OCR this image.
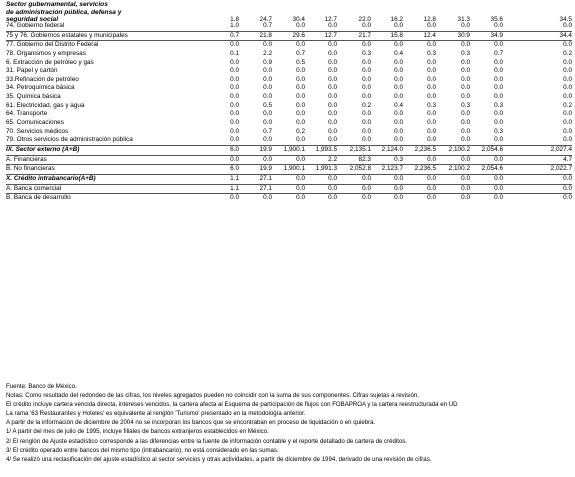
Sector gubernamental, servicios
de administración pública, defensa y
seguridad social	1.8	24.7	30.4	12.7	22.0	16.2	12.8	31.3	35.6	34.5
74. Gobierno federal	1.0	0.7	0.0	0.0	0.0	0.0	0.0	0.0	0.0	0.0
75 y 76. Gobiernos estatales y municipales	0.7	21.8	29.6	12.7	21.7	15.8	12.4	30.9	34.9	34.4
77. Gobierno del Distrito Federal	0.0	0.0	0.0	0.0	0.0	0.0	0.0	0.0	0.0	0.0
78. Organismos y empresas	0.1	2.2	0.7	0.0	0.3	0.4	0.3	0.3	0.7	0.2
6. Extracción de petróleo y gas	0.0	0.9	0.5	0.0	0.0	0.0	0.0	0.0	0.0	0.0
31. Papel y cartón	0.0	0.0	0.0	0.0	0.0	0.0	0.0	0.0	0.0	0.0
33.Refinación de petróleo	0.0	0.0	0.0	0.0	0.0	0.0	0.0	0.0	0.0	0.0
34. Petroquímica básica	0.0	0.0	0.0	0.0	0.0	0.0	0.0	0.0	0.0	0.0
35. Química básica	0.0	0.0	0.0	0.0	0.0	0.0	0.0	0.0	0.0	0.0
61. Electricidad, gas y agua	0.0	0.5	0.0	0.0	0.2	0.4	0.3	0.3	0.3	0.2
64. Transporte	0.0	0.0	0.0	0.0	0.0	0.0	0.0	0.0	0.0	0.0
65. Comunicaciones	0.0	0.0	0.0	0.0	0.0	0.0	0.0	0.0	0.0	0.0
70. Servicios médicos	0.0	0.7	0.2	0.0	0.0	0.0	0.0	0.0	0.3	0.0
79. Otros servicios de administración pública	0.0	0.0	0.0	0.0	0.0	0.0	0.0	0.0	0.0	0.0
IX. Sector externo (A+B)	6.0	19.9	1,900.1	1,993.5	2,135.1	2,124.0	2,236.5	2,100.2	2,054.6	2,027.4
A. Financieras	0.0	0.0	0.0	2.2	82.3	0.3	0.0	0.0	0.0	4.7
B. No financieras	6.0	19.9	1,900.1	1,991.3	2,052.8	2,123.7	2,236.5	2,100.2	2,054.6	2,022.7
X. Crédito intrabancario(A+B)	1.1	27.1	0.0	0.0	0.0	0.0	0.0	0.0	0.0	0.0
A. Banca comercial	1.1	27.1	0.0	0.0	0.0	0.0	0.0	0.0	0.0	0.0
B. Banca de desarrollo	0.0	0.0	0.0	0.0	0.0	0.0	0.0	0.0	0.0	0.0
Fuente: Banco de México.
Notas: Como resultado del redondeo de las cifras, los niveles agregados pueden no coincidir con la suma de sus componentes. Cifras sujetas a revisión.
El crédito incluye cartera vencida directa, intereses vencidos, la cartera afecta al Esquema de participación de flujos con FOBAPROA y la cartera reestructurada en UD
La rama '63 Restaurantes y Hoteles' es equivalente al renglón 'Turismo' presentado en la metodología anterior.
A partir de la información de diciembre de 2004 no se incorporan los bancos que se encontraban en proceso de liquidación o en quiebra.
1/ A partir del mes de julio de 1995, incluye filiales de bancos extranjeros establecidos en México.
2/ El renglón de Ajuste estadístico corresponde a las diferencias entre la fuente de información contable y el reporte detallado de cartera de créditos.
3/ El crédito operado entre bancos del mismo tipo (intrabancario), no está considerado en las sumas.
4/ Se realizó una reclasificación del ajuste estadístico al sector servicios y otras actividades, a partir de diciembre de 1994, derivado de una revisión de cifras.
